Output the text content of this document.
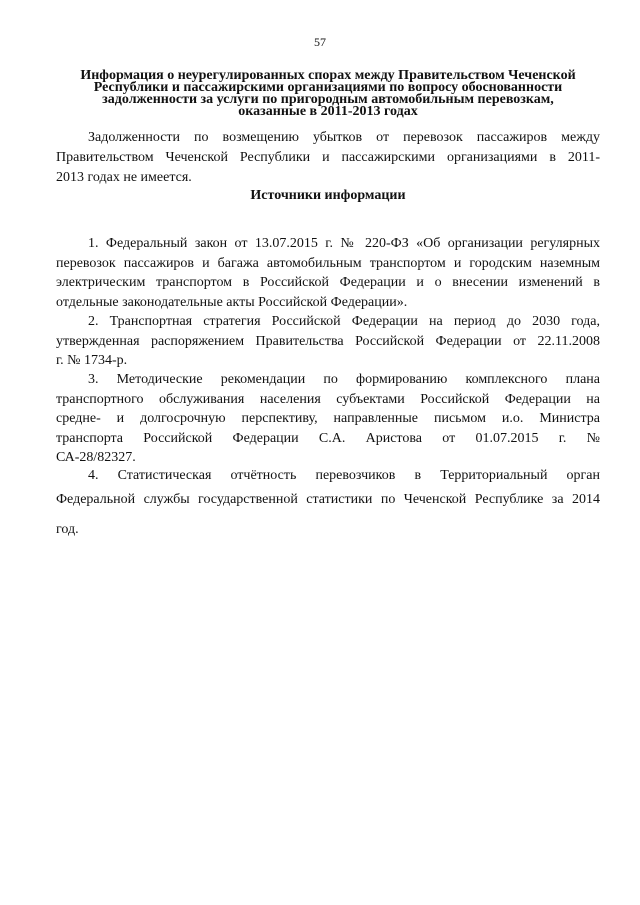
57
Информация о неурегулированных спорах между Правительством Чеченской
Республики и пассажирскими организациями по вопросу обоснованности
задолженности за услуги по пригородным автомобильным перевозкам,
оказанные в 2011-2013 годах
Задолженности по возмещению убытков от перевозок пассажиров между
Правительством Чеченской Республики и пассажирскими организациями в 2011-
2013 годах не имеется.
Источники информации
1. Федеральный закон от 13.07.2015 г. № 220-ФЗ «Об организации регулярных
перевозок пассажиров и багажа автомобильным транспортом и городским наземным
электрическим транспортом в Российской Федерации и о внесении изменений в
отдельные законодательные акты Российской Федерации».
2. Транспортная стратегия Российской Федерации на период до 2030 года,
утвержденная распоряжением Правительства Российской Федерации от 22.11.2008
г. № 1734-р.
3. Методические рекомендации по формированию комплексного плана
транспортного обслуживания населения субъектами Российской Федерации на
средне- и долгосрочную перспективу, направленные письмом и.о. Министра
транспорта Российской Федерации С.А. Аристова от 01.07.2015 г. №
СА-28/82327.
4. Статистическая отчётность перевозчиков в Территориальный орган
Федеральной службы государственной статистики по Чеченской Республике за 2014
год.
